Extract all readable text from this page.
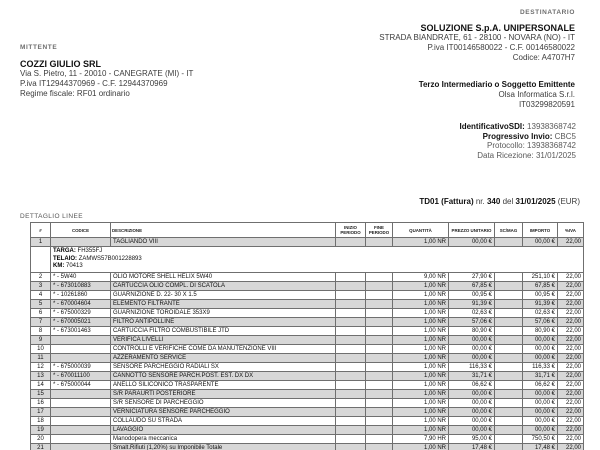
DESTINATARIO
SOLUZIONE S.p.A. UNIPERSONALE
STRADA BIANDRATE, 61 - 28100 - NOVARA (NO) - IT
P.iva IT00146580022 - C.F. 00146580022
Codice: A4707H7
MITTENTE
COZZI GIULIO SRL
Via S. Pietro, 11 - 20010 - CANEGRATE (MI) - IT
P.iva IT12944370969 - C.F. 12944370969
Regime fiscale: RF01 ordinario
Terzo Intermediario o Soggetto Emittente
Olsa Informatica S.r.l.
IT03299820591
IdentificativoSDI: 13938368742
Progressivo Invio: CBC5
Protocollo: 13938368742
Data Ricezione: 31/01/2025
TD01 (Fattura) nr. 340 del 31/01/2025 (EUR)
DETTAGLIO LINEE
#	CODICE	DESCRIZIONE	INIZIO PERIODO	FINE PERIODO	QUANTITÀ	PREZZO UNITARIO	SC/MAG	IMPORTO	%IVA
1		TAGLIANDO VIII			1,00 NR	00,00 €		00,00 €	22,00

	TARGA: FH355FJ
TELAIO: ZAMWS57B001228893
KM: 70413								

2	* - 5W40	OLIO MOTORE SHELL HELIX 5W40			9,00 NR	27,90 €		251,10 €	22,00
3	* - 673010883	CARTUCCIA OLIO COMPL. DI SCATOLA			1,00 NR	67,85 €		67,85 €	22,00
4	* - 10261860	GUARNIZIONE D. 22- 30 X 1.5			1,00 NR	00,95 €		00,95 €	22,00
5	* - 670004604	ELEMENTO FILTRANTE			1,00 NR	91,39 €		91,39 €	22,00
6	* - 675000329	GUARNIZIONE TOROIDALE 353X9			1,00 NR	02,63 €		02,63 €	22,00
7	* - 670005021	FILTRO ANTIPOLLINE			1,00 NR	57,06 €		57,06 €	22,00
8	* - 673001463	CARTUCCIA FILTRO COMBUSTIBILE JTD			1,00 NR	80,90 €		80,90 €	22,00
9		VERIFICA LIVELLI			1,00 NR	00,00 €		00,00 €	22,00
10		CONTROLLI E VERIFICHE COME DA MANUTENZIONE VIII			1,00 NR	00,00 €		00,00 €	22,00
11		AZZERAMENTO SERVICE			1,00 NR	00,00 €		00,00 €	22,00
12	* - 675000039	SENSORE PARCHEGGIO RADIALI SX			1,00 NR	116,33 €		116,33 €	22,00
13	* - 670011100	CANNOTTO SENSORE PARCH.POST. EST. DX DX			1,00 NR	31,71 €		31,71 €	22,00
14	* - 675000044	ANELLO SILICONICO TRASPARENTE			1,00 NR	06,62 €		06,62 €	22,00
15		S/R PARAURTI POSTERIORE			1,00 NR	00,00 €		00,00 €	22,00
16		S/R SENSORE DI PARCHEGGIO			1,00 NR	00,00 €		00,00 €	22,00
17		VERNICIATURA SENSORE PARCHEGGIO			1,00 NR	00,00 €		00,00 €	22,00
18		COLLAUDO SU STRADA			1,00 NR	00,00 €		00,00 €	22,00
19		LAVAGGIO			1,00 NR	00,00 €		00,00 €	22,00
20		Manodopera meccanica			7,90 HR	95,00 €		750,50 €	22,00
21		Smalt.Rifiuti (1,20%) su Imponibile Totale			1,00 NR	17,48 €		17,48 €	22,00
